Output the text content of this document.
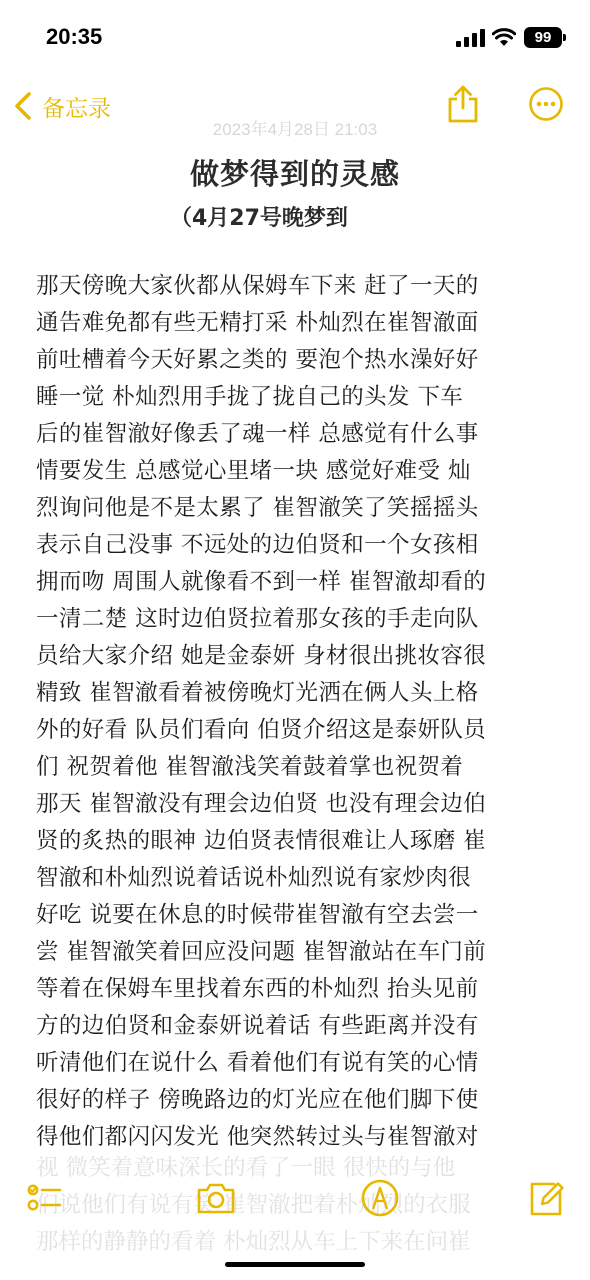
20:35	99
备忘录
2023年4月28日 21:03
做梦得到的灵感
（4月27号晚梦到
那天傍晚大家伙都从保姆车下来 赶了一天的
通告难免都有些无精打采 朴灿烈在崔智澈面
前吐槽着今天好累之类的 要泡个热水澡好好
睡一觉 朴灿烈用手拢了拢自己的头发 下车
后的崔智澈好像丢了魂一样 总感觉有什么事
情要发生 总感觉心里堵一块 感觉好难受 灿
烈询问他是不是太累了 崔智澈笑了笑摇摇头
表示自己没事 不远处的边伯贤和一个女孩相
拥而吻 周围人就像看不到一样 崔智澈却看的
一清二楚 这时边伯贤拉着那女孩的手走向队
员给大家介绍 她是金泰妍 身材很出挑妆容很
精致 崔智澈看着被傍晚灯光洒在俩人头上格
外的好看 队员们看向 伯贤介绍这是泰妍队员
们 祝贺着他 崔智澈浅笑着鼓着掌也祝贺着
那天 崔智澈没有理会边伯贤 也没有理会边伯
贤的炙热的眼神 边伯贤表情很难让人琢磨 崔
智澈和朴灿烈说着话说朴灿烈说有家炒肉很
好吃 说要在休息的时候带崔智澈有空去尝一
尝 崔智澈笑着回应没问题 崔智澈站在车门前
等着在保姆车里找着东西的朴灿烈 抬头见前
方的边伯贤和金泰妍说着话 有些距离并没有
听清他们在说什么 看着他们有说有笑的心情
很好的样子 傍晚路边的灯光应在他们脚下使
得他们都闪闪发光 他突然转过头与崔智澈对
视 微笑着意味深长的看了一眼 很快的与他
们说他们有说有笑 崔智澈把着朴灿烈的衣服
那样的静静的看着 朴灿烈从车上下来在问崔
